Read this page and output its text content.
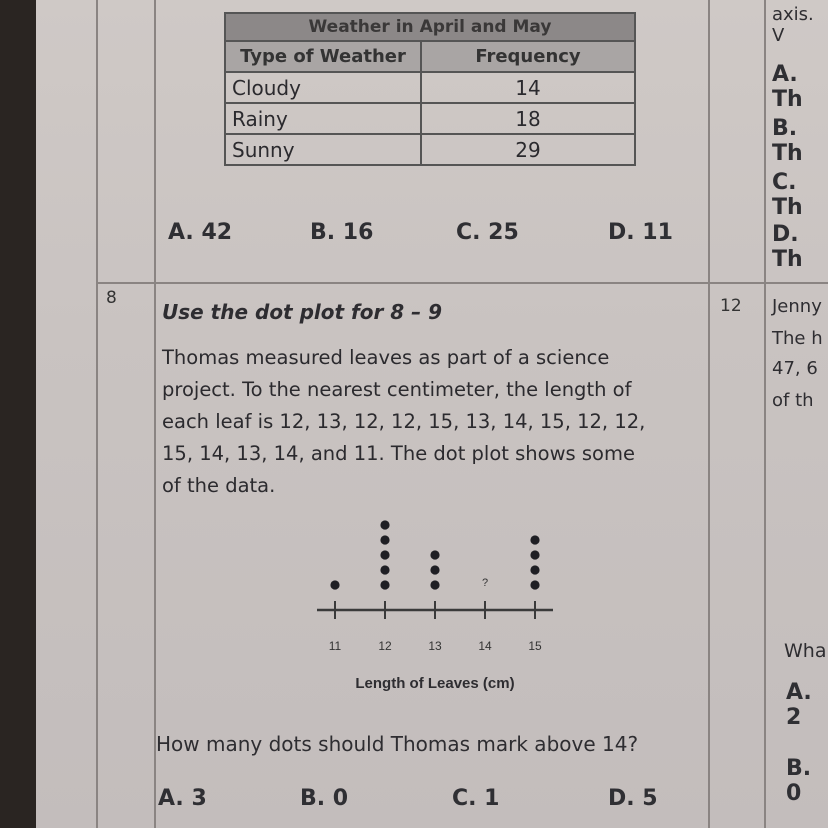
Weather in April and May	
Type of Weather	Frequency
Cloudy	14
Rainy	18
Sunny	29
A. 42	B. 16	C. 25	D. 11
axis. V
A. Th
B. Th
C. Th
D. Th
8
Use the dot plot for 8 – 9
Thomas measured leaves as part of a science
project. To the nearest centimeter, the length of
each leaf is 12, 13, 12, 12, 15, 13, 14, 15, 12, 12,
15, 14, 13, 14, and 11. The dot plot shows some
of the data.
11	12	13	14
?
15
Length of Leaves (cm)
How many dots should Thomas mark above 14?
A. 3	B. 0	C. 1	D. 5
12 Jenny
The h
47, 6
of th
Wha
A. 2
B. 0
